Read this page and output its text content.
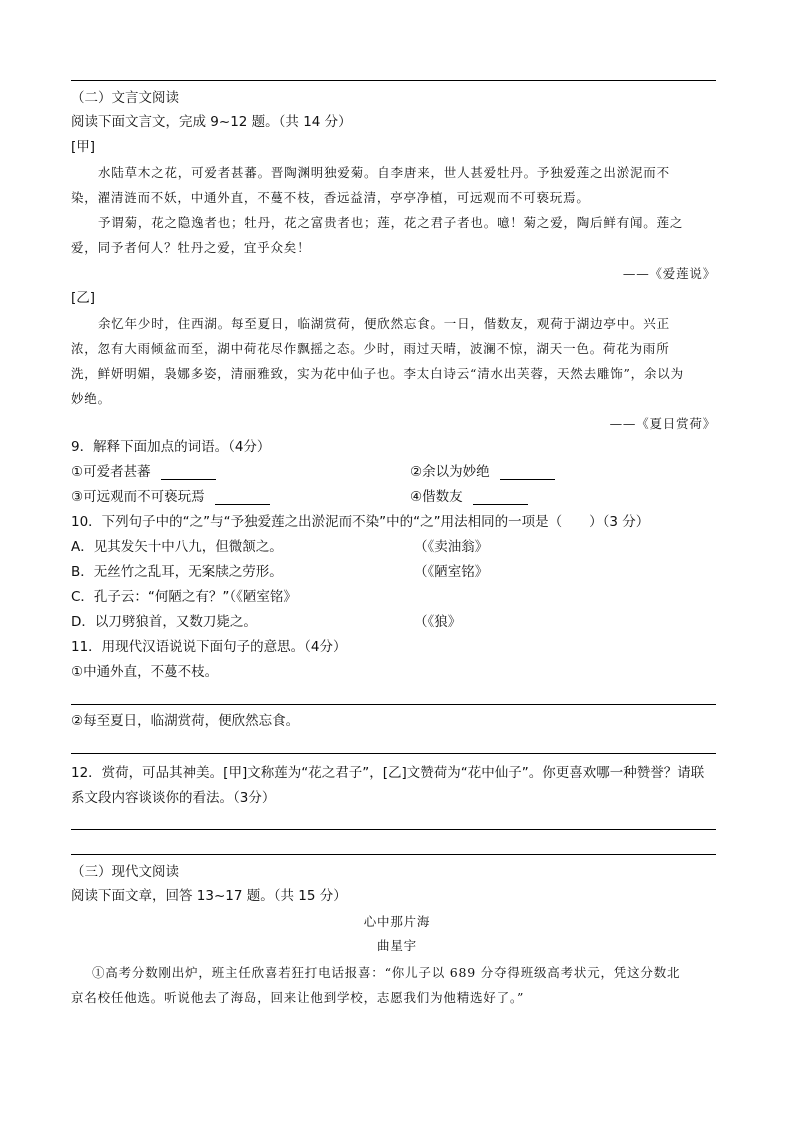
（二）文言文阅读
阅读下面文言文，完成 9~12 题。（共 14 分）
[甲]
水陆草木之花，可爱者甚蕃。晋陶渊明独爱菊。自李唐来，世人甚爱牡丹。予独爱莲之出淤泥而不
染，濯清涟而不妖，中通外直，不蔓不枝，香远益清，亭亭净植，可远观而不可亵玩焉。
予谓菊，花之隐逸者也；牡丹，花之富贵者也；莲，花之君子者也。噫！菊之爱，陶后鲜有闻。莲之
爱，同予者何人？牡丹之爱，宜乎众矣！
——《爱莲说》
[乙]
余忆年少时，住西湖。每至夏日，临湖赏荷，便欣然忘食。一日，偕数友，观荷于湖边亭中。兴正
浓，忽有大雨倾盆而至，湖中荷花尽作飘摇之态。少时，雨过天晴，波澜不惊，湖天一色。荷花为雨所
洗，鲜妍明媚，袅娜多姿，清丽雅致，实为花中仙子也。李太白诗云“清水出芙蓉，天然去雕饰”，余以为
妙绝。
——《夏日赏荷》
9．解释下面加点的词语。（4分）
①可爱者甚蕃	②余以为妙绝
③可远观而不可亵玩焉	④偕数友
10．下列句子中的“之”与“予独爱莲之出淤泥而不染”中的“之”用法相同的一项是（　　）（3 分）
A．见其发矢十中八九，但微颔之。	（《卖油翁》
B．无丝竹之乱耳，无案牍之劳形。	（《陋室铭》
C．孔子云：“何陋之有？”（《陋室铭》
D．以刀劈狼首，又数刀毙之。	（《狼》
11．用现代汉语说说下面句子的意思。（4分）
①中通外直，不蔓不枝。
②每至夏日，临湖赏荷，便欣然忘食。
12．赏荷，可品其神美。[甲]文称莲为“花之君子”，[乙]文赞荷为“花中仙子”。你更喜欢哪一种赞誉？请联
系文段内容谈谈你的看法。（3分）
（三）现代文阅读
阅读下面文章，回答 13~17 题。（共 15 分）
心中那片海
曲星宇
①高考分数刚出炉，班主任欣喜若狂打电话报喜：“你儿子以 689 分夺得班级高考状元，凭这分数北
京名校任他选。听说他去了海岛，回来让他到学校，志愿我们为他精选好了。”
